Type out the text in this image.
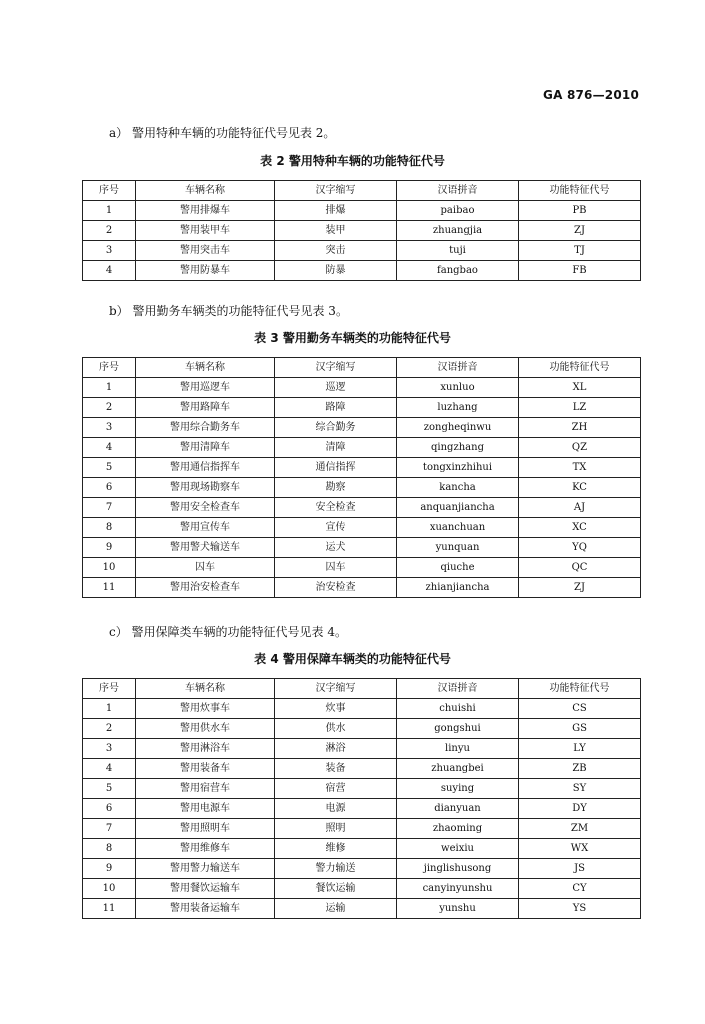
GA 876—2010
a） 警用特种车辆的功能特征代号见表 2。
表 2 警用特种车辆的功能特征代号
序号	车辆名称	汉字缩写	汉语拼音	功能特征代号
1	警用排爆车	排爆	paibao	PB
2	警用装甲车	装甲	zhuangjia	ZJ
3	警用突击车	突击	tuji	TJ
4	警用防暴车	防暴	fangbao	FB
b） 警用勤务车辆类的功能特征代号见表 3。
表 3 警用勤务车辆类的功能特征代号
序号	车辆名称	汉字缩写	汉语拼音	功能特征代号
1	警用巡逻车	巡逻	xunluo	XL
2	警用路障车	路障	luzhang	LZ
3	警用综合勤务车	综合勤务	zongheqinwu	ZH
4	警用清障车	清障	qingzhang	QZ
5	警用通信指挥车	通信指挥	tongxinzhihui	TX
6	警用现场勘察车	勘察	kancha	KC
7	警用安全检查车	安全检查	anquanjiancha	AJ
8	警用宣传车	宣传	xuanchuan	XC
9	警用警犬输送车	运犬	yunquan	YQ
10	囚车	囚车	qiuche	QC
11	警用治安检查车	治安检查	zhianjiancha	ZJ
c） 警用保障类车辆的功能特征代号见表 4。
表 4 警用保障车辆类的功能特征代号
序号	车辆名称	汉字缩写	汉语拼音	功能特征代号
1	警用炊事车	炊事	chuishi	CS
2	警用供水车	供水	gongshui	GS
3	警用淋浴车	淋浴	linyu	LY
4	警用装备车	装备	zhuangbei	ZB
5	警用宿营车	宿营	suying	SY
6	警用电源车	电源	dianyuan	DY
7	警用照明车	照明	zhaoming	ZM
8	警用维修车	维修	weixiu	WX
9	警用警力输送车	警力输送	jinglishusong	JS
10	警用餐饮运输车	餐饮运输	canyinyunshu	CY
11	警用装备运输车	运输	yunshu	YS
